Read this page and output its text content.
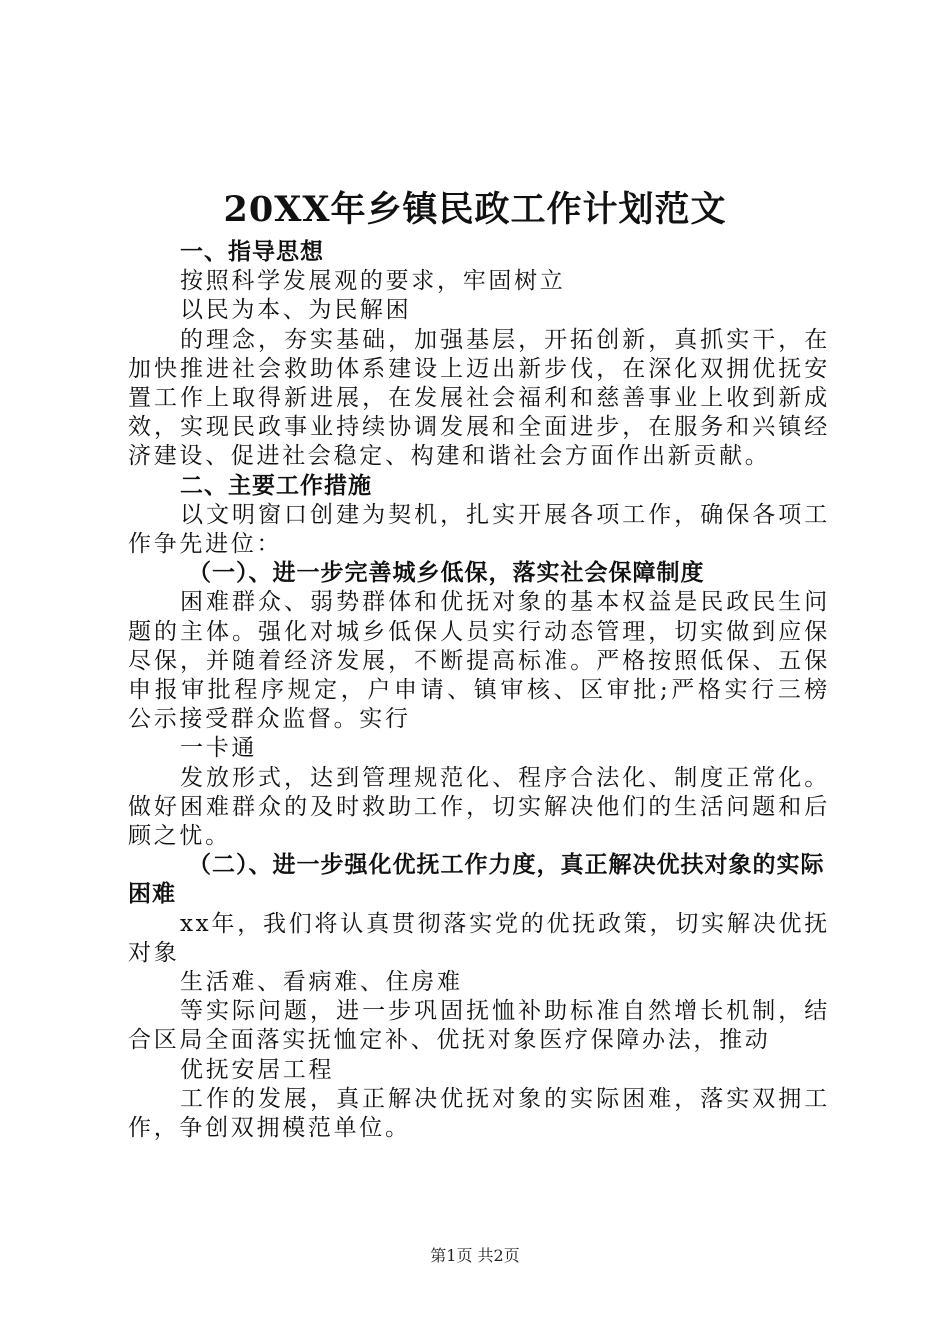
20XX年乡镇民政工作计划范文

一、指导思想

按照科学发展观的要求，牢固树立

以民为本、为民解困

的理念，夯实基础，加强基层，开拓创新，真抓实干，在加快推进社会救助体系建设上迈出新步伐，在深化双拥优抚安置工作上取得新进展，在发展社会福利和慈善事业上收到新成效，实现民政事业持续协调发展和全面进步，在服务和兴镇经济建设、促进社会稳定、构建和谐社会方面作出新贡献。

二、主要工作措施

以文明窗口创建为契机，扎实开展各项工作，确保各项工作争先进位：

（一）、进一步完善城乡低保，落实社会保障制度

困难群众、弱势群体和优抚对象的基本权益是民政民生问题的主体。强化对城乡低保人员实行动态管理，切实做到应保尽保，并随着经济发展，不断提高标准。严格按照低保、五保申报审批程序规定，户申请、镇审核、区审批;严格实行三榜公示接受群众监督。实行

一卡通

发放形式，达到管理规范化、程序合法化、制度正常化。做好困难群众的及时救助工作，切实解决他们的生活问题和后顾之忧。

（二）、进一步强化优抚工作力度，真正解决优扶对象的实际困难

xx年，我们将认真贯彻落实党的优抚政策，切实解决优抚对象

生活难、看病难、住房难

等实际问题，进一步巩固抚恤补助标准自然增长机制，结合区局全面落实抚恤定补、优抚对象医疗保障办法，推动

优抚安居工程

工作的发展，真正解决优抚对象的实际困难，落实双拥工作，争创双拥模范单位。

第1页 共2页
